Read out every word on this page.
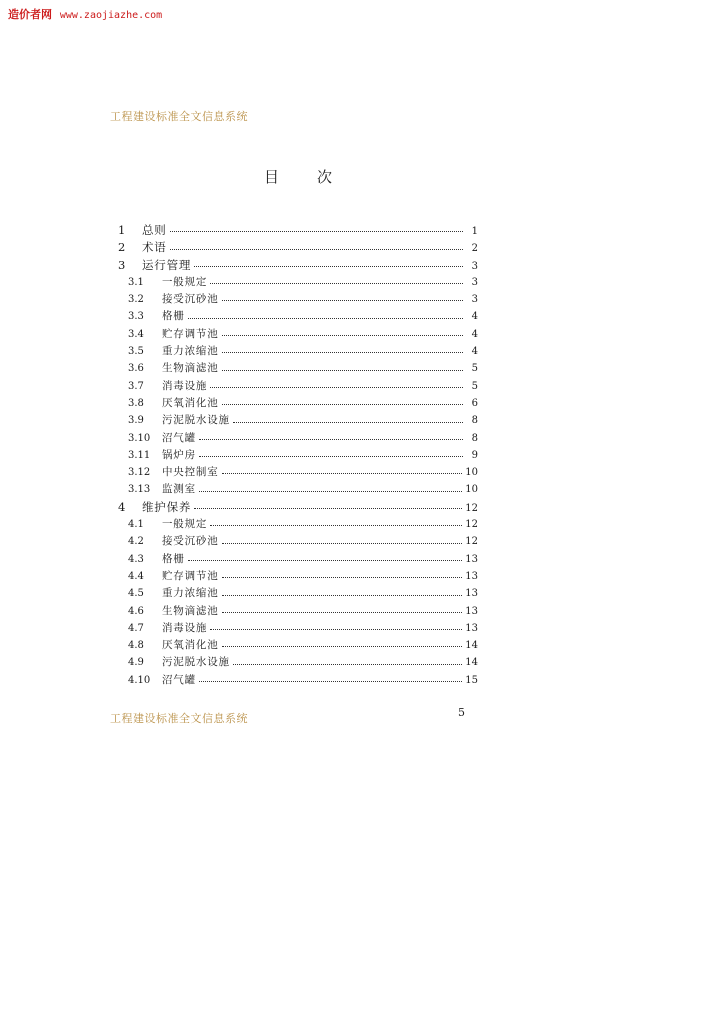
造价者网 www.zaojiazhe.com
工程建设标准全文信息系统
目	次
1	总则	1
2	术语	2
3	运行管理	3
3.1	一般规定	3
3.2	接受沉砂池	3
3.3	格栅	4
3.4	贮存调节池	4
3.5	重力浓缩池	4
3.6	生物滴滤池	5
3.7	消毒设施	5
3.8	厌氧消化池	6
3.9	污泥脱水设施	8
3.10	沼气罐	8
3.11	锅炉房	9
3.12	中央控制室	10
3.13	监测室	10
4	维护保养	12
4.1	一般规定	12
4.2	接受沉砂池	12
4.3	格栅	13
4.4	贮存调节池	13
4.5	重力浓缩池	13
4.6	生物滴滤池	13
4.7	消毒设施	13
4.8	厌氧消化池	14
4.9	污泥脱水设施	14
4.10	沼气罐	15
工程建设标准全文信息系统	5
